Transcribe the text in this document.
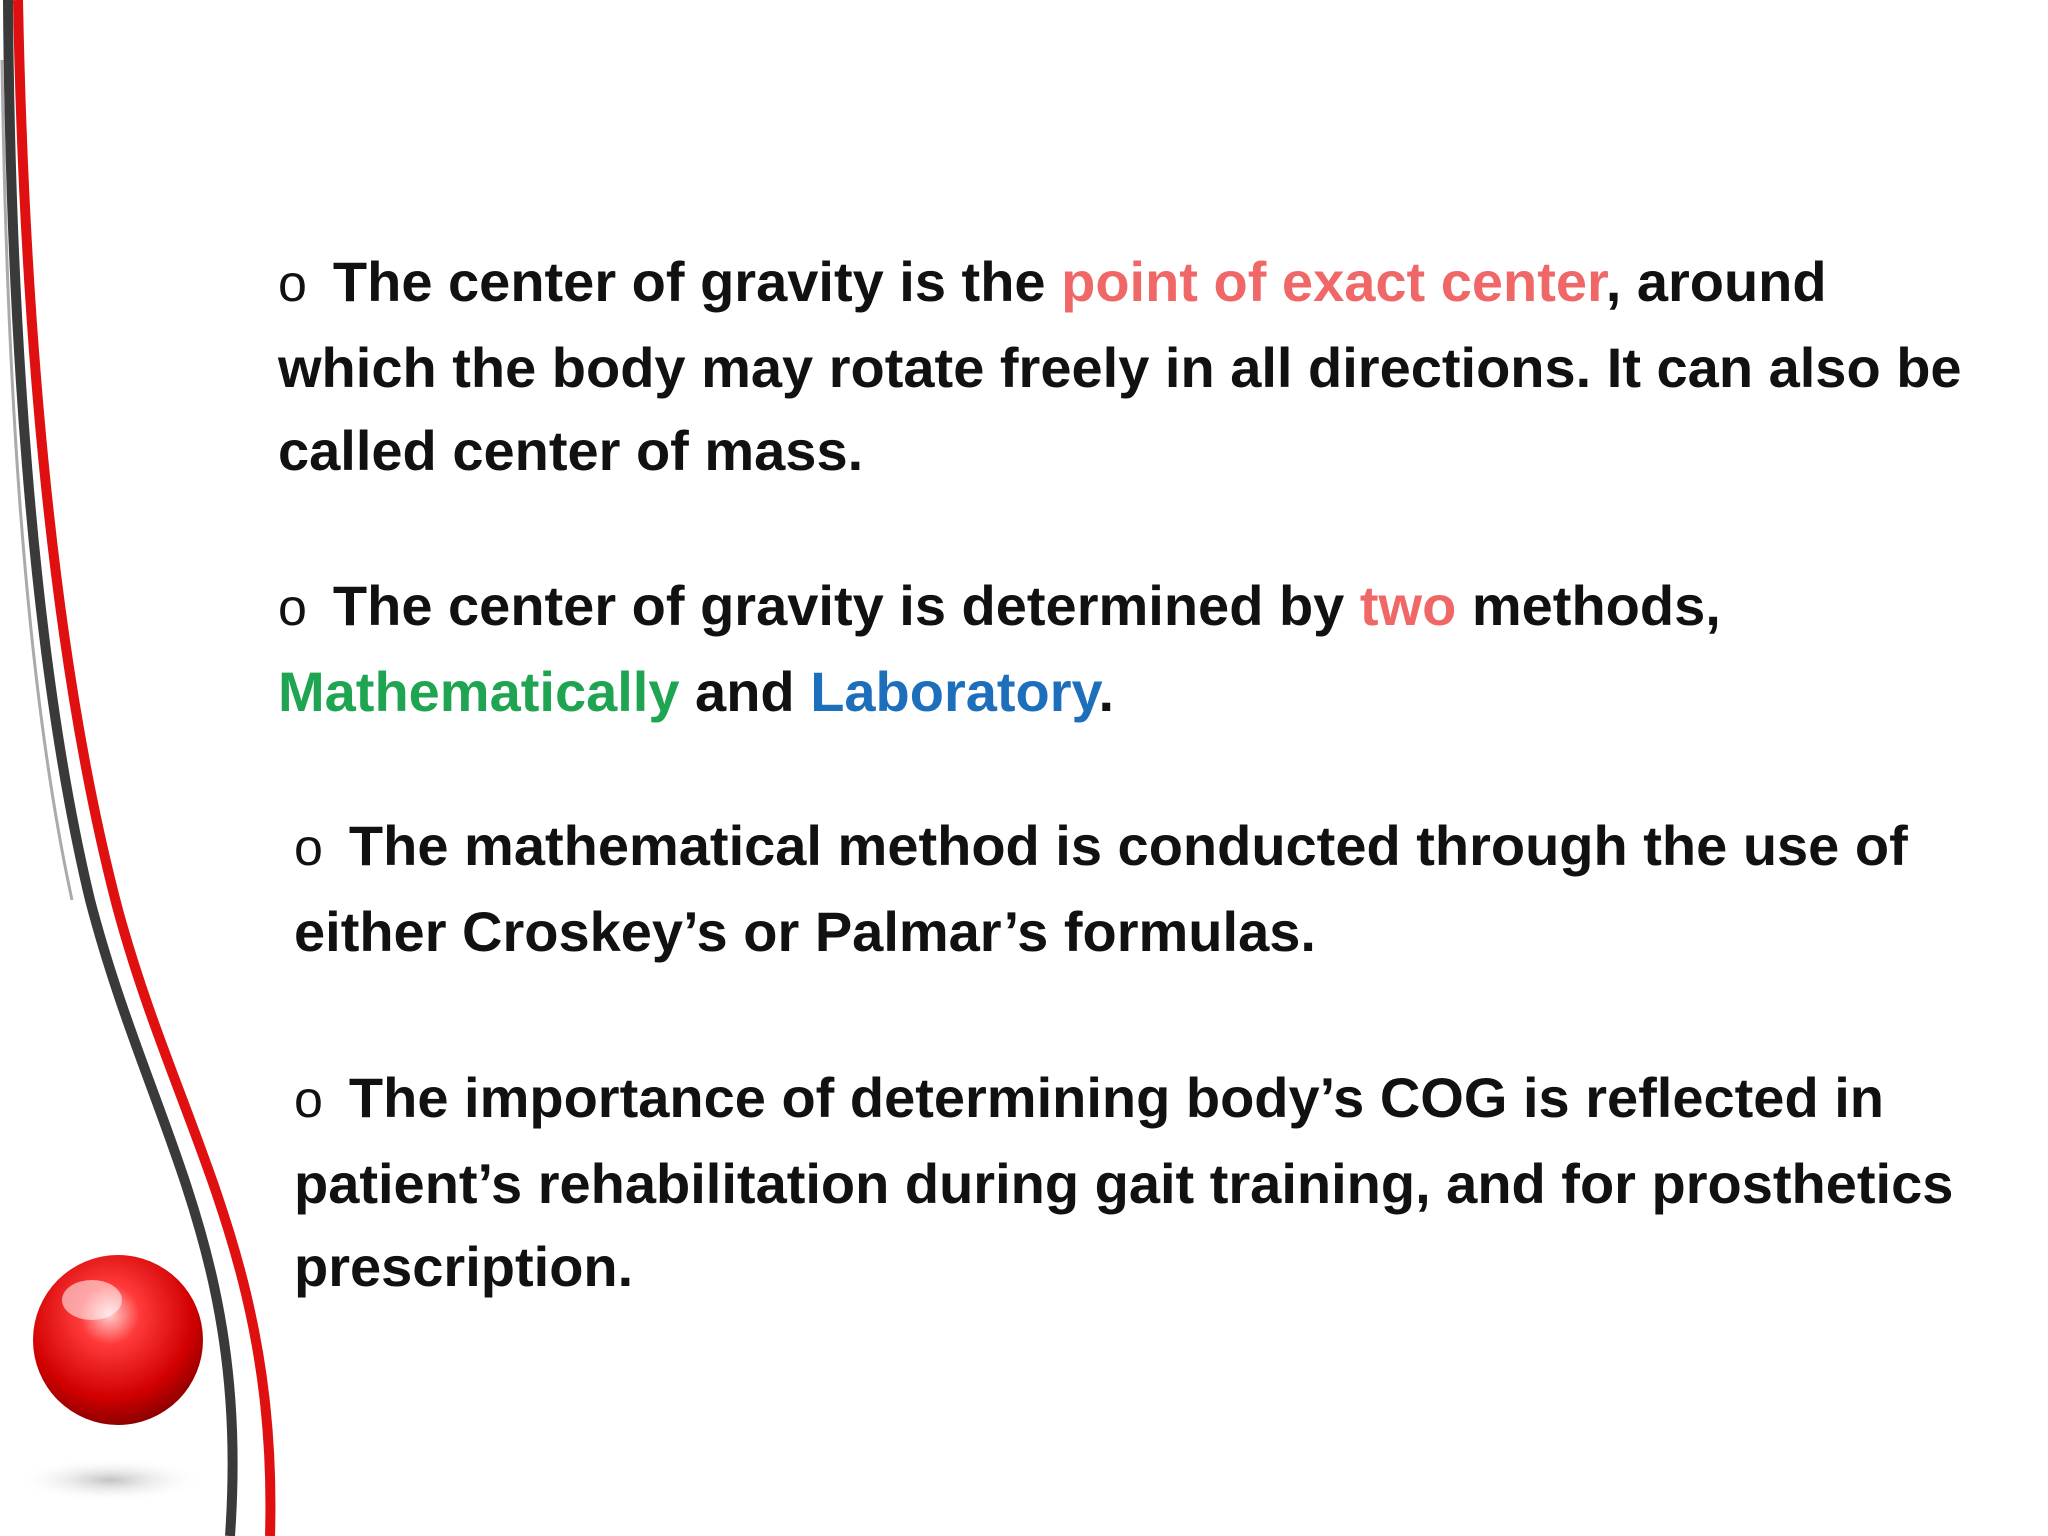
o The center of gravity is the point of exact center, around which the body may rotate freely in all directions. It can also be called center of mass.
o The center of gravity is determined by two methods, Mathematically and Laboratory.
o The mathematical method is conducted through the use of either Croskey’s or Palmar’s formulas.
o The importance of determining body’s COG is reflected in patient’s rehabilitation during gait training, and for prosthetics prescription.
